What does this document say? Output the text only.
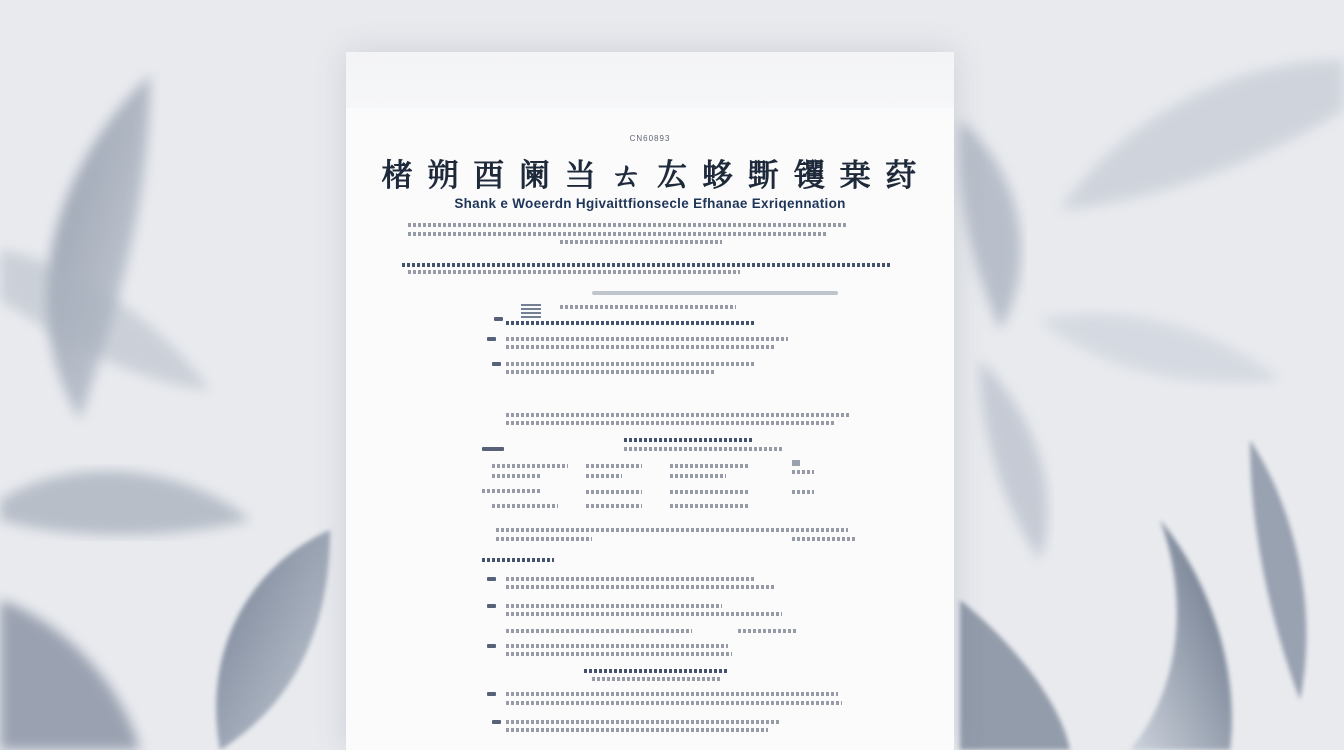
CN60893
楮 朔 酉 阑 当 ㄊ 厷 蛥 斲 䦆 枽 荮
Shank e Woeerdn Hgivaittfionsecle Efhanae Exriqennation
